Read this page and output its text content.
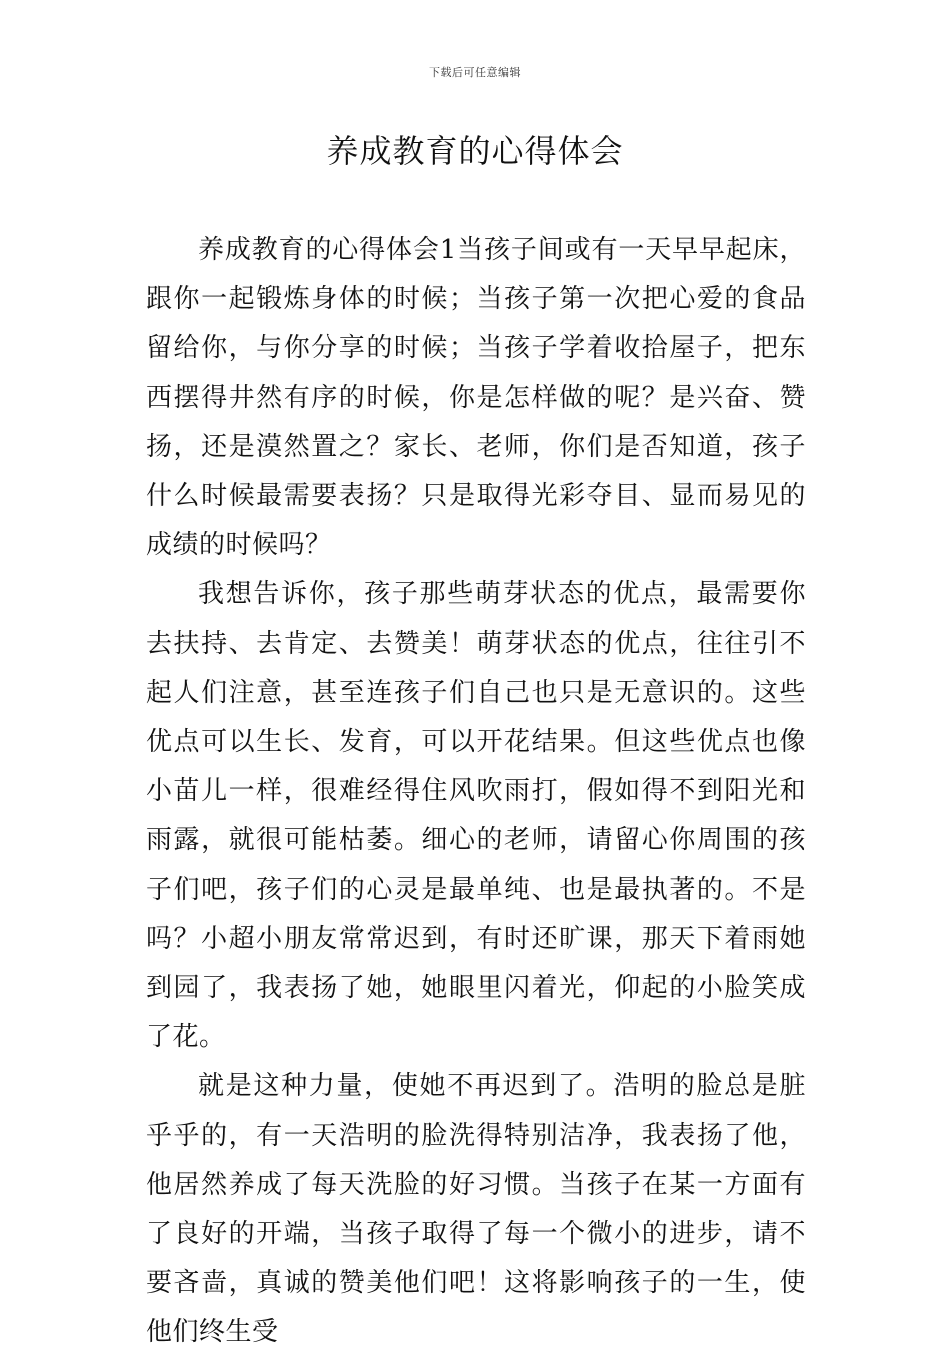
下载后可任意编辑
养成教育的心得体会

养成教育的心得体会1当孩子间或有一天早早起床，跟你一起锻炼身体的时候；当孩子第一次把心爱的食品留给你，与你分享的时候；当孩子学着收拾屋子，把东西摆得井然有序的时候，你是怎样做的呢？是兴奋、赞扬，还是漠然置之？家长、老师，你们是否知道，孩子什么时候最需要表扬？只是取得光彩夺目、显而易见的成绩的时候吗？

我想告诉你，孩子那些萌芽状态的优点，最需要你去扶持、去肯定、去赞美！萌芽状态的优点，往往引不起人们注意，甚至连孩子们自己也只是无意识的。这些优点可以生长、发育，可以开花结果。但这些优点也像小苗儿一样，很难经得住风吹雨打，假如得不到阳光和雨露，就很可能枯萎。细心的老师，请留心你周围的孩子们吧，孩子们的心灵是最单纯、也是最执著的。不是吗？小超小朋友常常迟到，有时还旷课，那天下着雨她到园了，我表扬了她，她眼里闪着光，仰起的小脸笑成了花。

就是这种力量，使她不再迟到了。浩明的脸总是脏乎乎的，有一天浩明的脸洗得特别洁净，我表扬了他，他居然养成了每天洗脸的好习惯。当孩子在某一方面有了良好的开端，当孩子取得了每一个微小的进步，请不要吝啬，真诚的赞美他们吧！这将影响孩子的一生，使他们终生受
